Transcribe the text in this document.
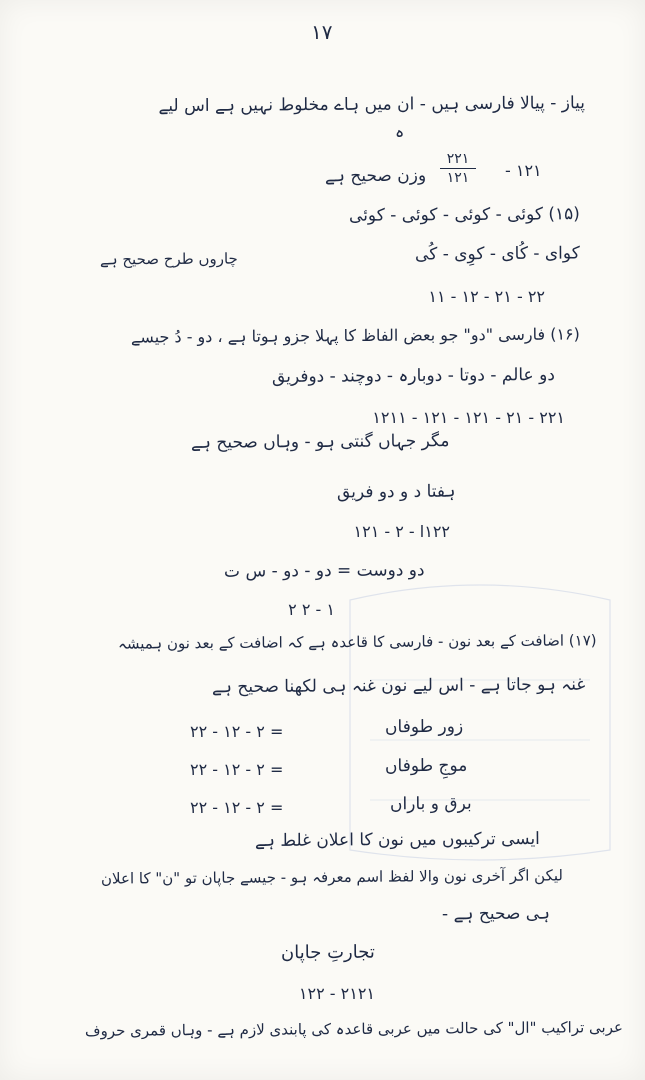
۱۷
پیاز - پیالا فارسی ہیں - ان میں ہاے مخلوط نہیں ہے اس لیے
ہ
۱۲۱ -
۲۲۱
۱۲۱
وزن صحیح ہے
(۱۵) کوئی - کوئی - کوئی - کوئی
کوای - کُای - کوِی - کُی
چاروں طرح صحیح ہے
۲۲ - ۲۱ - ۱۲ - ۱۱
(۱۶) فارسی "دو" جو بعض الفاظ کا پہلا جزو ہوتا ہے ، دو - دُ جیسے
دو عالم - دوتا - دوبارہ - دوچند - دوفریق
۲۲۱ - ۲۱ - ۱۲۱ - ۱۲۱ - ۱۲۱۱
مگر جہاں گنتی ہو - وہاں صحیح ہے
ہفتا د و دو فریق
۱۲۲ا - ۲ - ۱۲۱
دو دوست = دو - دو - س ت
۱ - ۲ ۲
(۱۷) اضافت کے بعد نون - فارسی کا قاعدہ ہے کہ اضافت کے بعد نون ہمیشہ
غنہ ہو جاتا ہے - اس لیے نون غنہ ہی لکھنا صحیح ہے
زور طوفاں
= ۲ - ۱۲ - ۲۲
موجِ طوفاں
= ۲ - ۱۲ - ۲۲
برق و باراں
= ۲ - ۱۲ - ۲۲
ایسی ترکیبوں میں نون کا اعلان غلط ہے
لیکن اگر آخری نون والا لفظ اسم معرفہ ہو - جیسے جاپان تو "ن" کا اعلان
ہی صحیح ہے -
تجارتِ جاپان
۲۱۲۱ - ۱۲۲
عربی تراکیب "ال" کی حالت میں عربی قاعدہ کی پابندی لازم ہے - وہاں قمری حروف
